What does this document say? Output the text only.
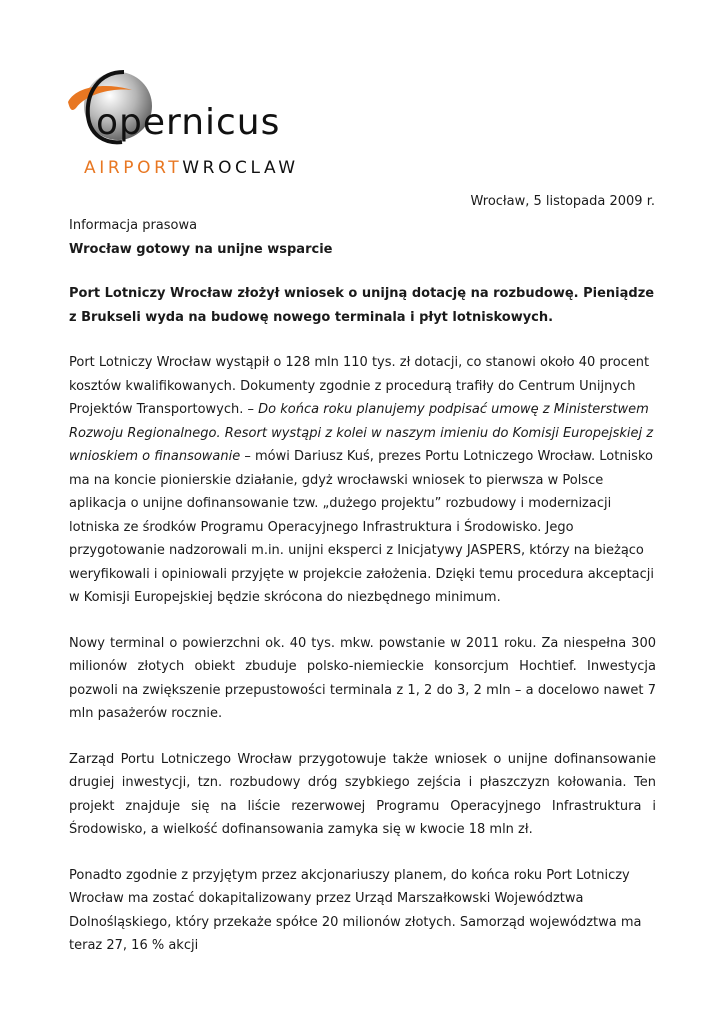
opernicus
AIRPORTWROCLAW
Wrocław, 5 listopada 2009 r.

Informacja prasowa

Wrocław gotowy na unijne wsparcie

Port Lotniczy Wrocław złożył wniosek o unijną dotację na rozbudowę. Pieniądze z Brukseli wyda na budowę nowego terminala i płyt lotniskowych.

Port Lotniczy Wrocław wystąpił o 128 mln 110 tys. zł dotacji, co stanowi około 40 procent kosztów kwalifikowanych. Dokumenty zgodnie z procedurą trafiły do Centrum Unijnych Projektów Transportowych. – Do końca roku planujemy podpisać umowę z Ministerstwem Rozwoju Regionalnego. Resort wystąpi z kolei w naszym imieniu do Komisji Europejskiej z wnioskiem o finansowanie – mówi Dariusz Kuś, prezes Portu Lotniczego Wrocław. Lotnisko ma na koncie pionierskie działanie, gdyż wrocławski wniosek to pierwsza w Polsce aplikacja o unijne dofinansowanie tzw. „dużego projektu” rozbudowy i modernizacji lotniska ze środków Programu Operacyjnego Infrastruktura i Środowisko. Jego przygotowanie nadzorowali m.in. unijni eksperci z Inicjatywy JASPERS, którzy na bieżąco weryfikowali i opiniowali przyjęte w projekcie założenia. Dzięki temu procedura akceptacji w Komisji Europejskiej będzie skrócona do niezbędnego minimum.

Nowy terminal o powierzchni ok. 40 tys. mkw. powstanie w 2011 roku. Za niespełna 300 milionów złotych obiekt zbuduje polsko-niemieckie konsorcjum Hochtief. Inwestycja pozwoli na zwiększenie przepustowości terminala z 1, 2 do 3, 2 mln – a docelowo nawet 7 mln pasażerów rocznie.

Zarząd Portu Lotniczego Wrocław przygotowuje także wniosek o unijne dofinansowanie drugiej inwestycji, tzn. rozbudowy dróg szybkiego zejścia i płaszczyzn kołowania. Ten projekt znajduje się na liście rezerwowej Programu Operacyjnego Infrastruktura i Środowisko, a wielkość dofinansowania zamyka się w kwocie 18 mln zł.

Ponadto zgodnie z przyjętym przez akcjonariuszy planem, do końca roku Port Lotniczy Wrocław ma zostać dokapitalizowany przez Urząd Marszałkowski Województwa Dolnośląskiego, który przekaże spółce 20 milionów złotych. Samorząd województwa ma teraz 27, 16 % akcji
